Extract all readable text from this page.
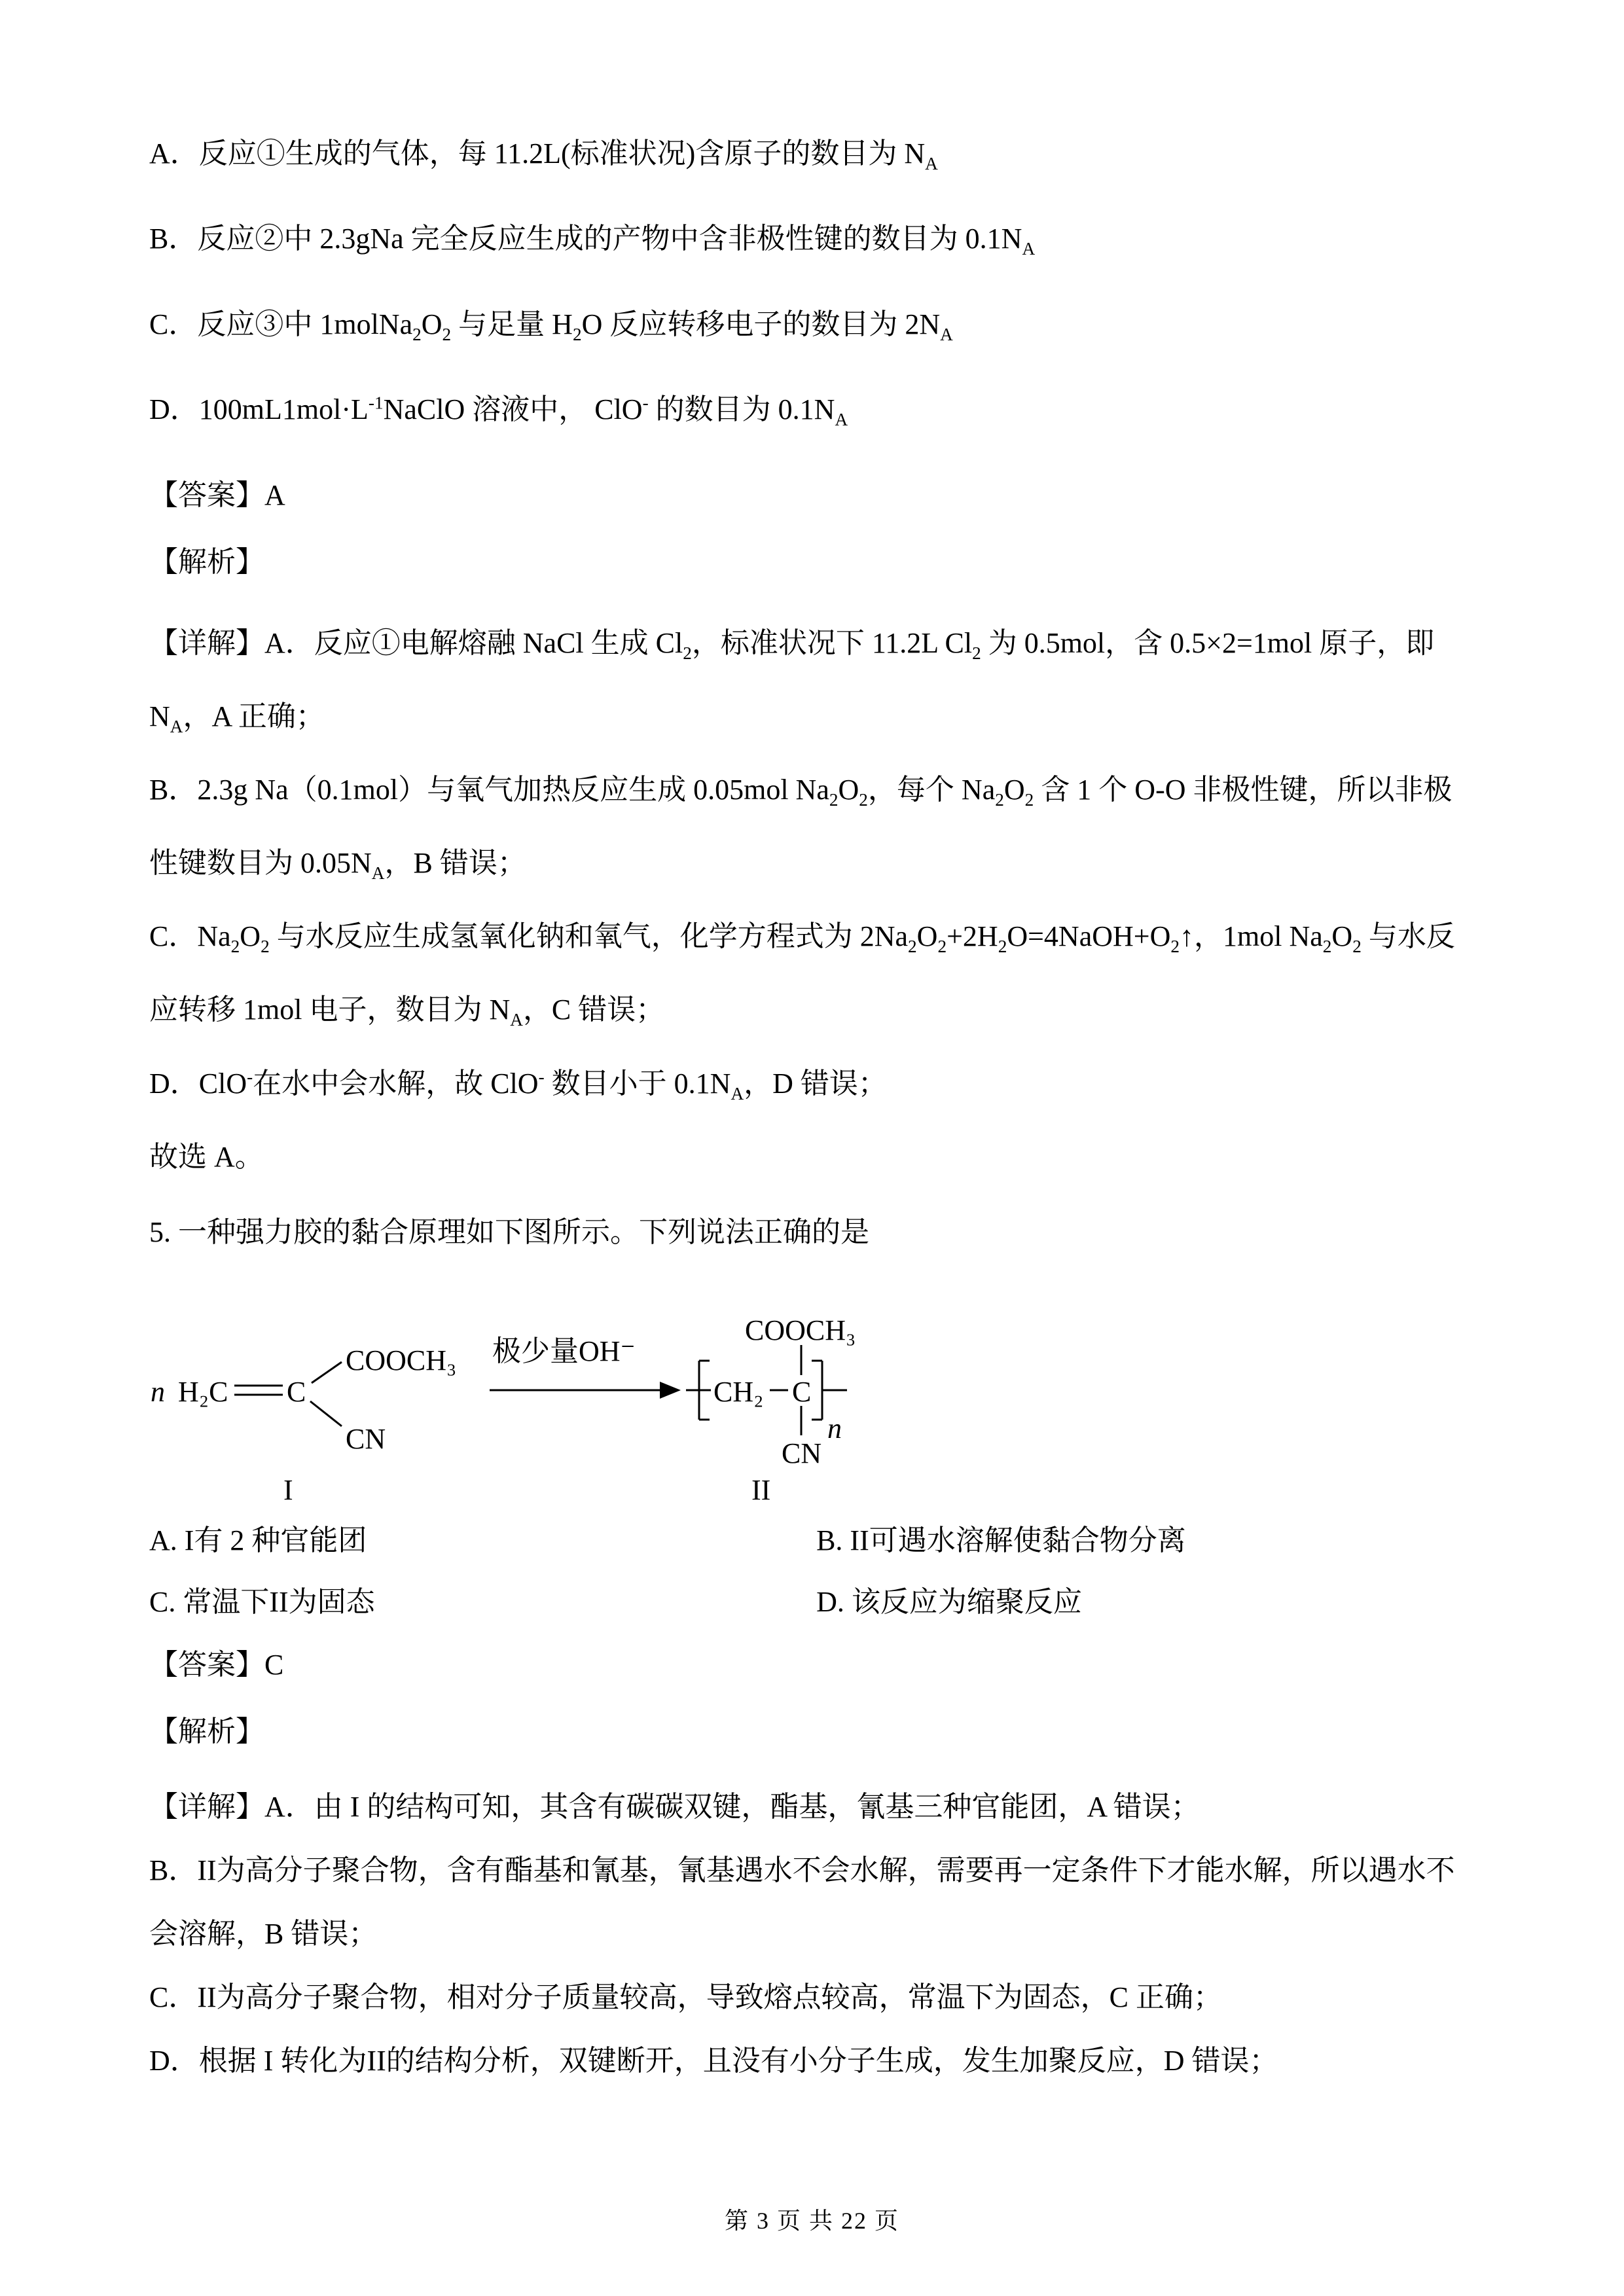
A．反应①生成的气体，每 11.2L(标准状况)含原子的数目为 $N_A$

B．反应②中 2.3gNa 完全反应生成的产物中含非极性键的数目为 $0.1N_A$

C．反应③中 $1molNa_2O_2$ 与足量 $H_2O$ 反应转移电子的数目为 $2N_A$

D．$100mL1mol\cdot L^{-1}NaClO$ 溶液中， ClO- 的数目为 $0.1N_A$

【答案】A

【解析】

【详解】A．反应①电解熔融 NaCl 生成 $Cl_2$，标准状况下 11.2L $Cl_2$ 为 0.5mol，含 0.5×2=1mol 原子，即 $N_A$，A 正确；

B．2.3g Na（0.1mol）与氧气加热反应生成 0.05mol $Na_2O_2$，每个 $Na_2O_2$ 含 1 个 O-O 非极性键，所以非极性键数目为 $0.05N_A$，B 错误；

C．$Na_2O_2$ 与水反应生成氢氧化钠和氧气，化学方程式为 $2Na_2O_2+2H_2O=4NaOH+O_2↑$，1mol $Na_2O_2$ 与水反应转移 1mol 电子，数目为 $N_A$，C 错误；

D．ClO-在水中会水解，故 ClO- 数目小于 $0.1N_A$，D 错误；

故选 A。

5. 一种强力胶的黏合原理如下图所示。下列说法正确的是

n H₂C C
COOCH₃
CN
极少量OH⁻
CH₂ C
COOCH₃
CN
n
I	II

A. I有 2 种官能团	B. II可遇水溶解使黏合物分离

C. 常温下II为固态	D. 该反应为缩聚反应

【答案】C

【解析】

【详解】A．由 I 的结构可知，其含有碳碳双键，酯基，氰基三种官能团，A 错误；

B．II为高分子聚合物，含有酯基和氰基，氰基遇水不会水解，需要再一定条件下才能水解，所以遇水不会溶解，B 错误；

C．II为高分子聚合物，相对分子质量较高，导致熔点较高，常温下为固态，C 正确；

D．根据 I 转化为II的结构分析，双键断开，且没有小分子生成，发生加聚反应，D 错误；

第 3 页 共 22 页
